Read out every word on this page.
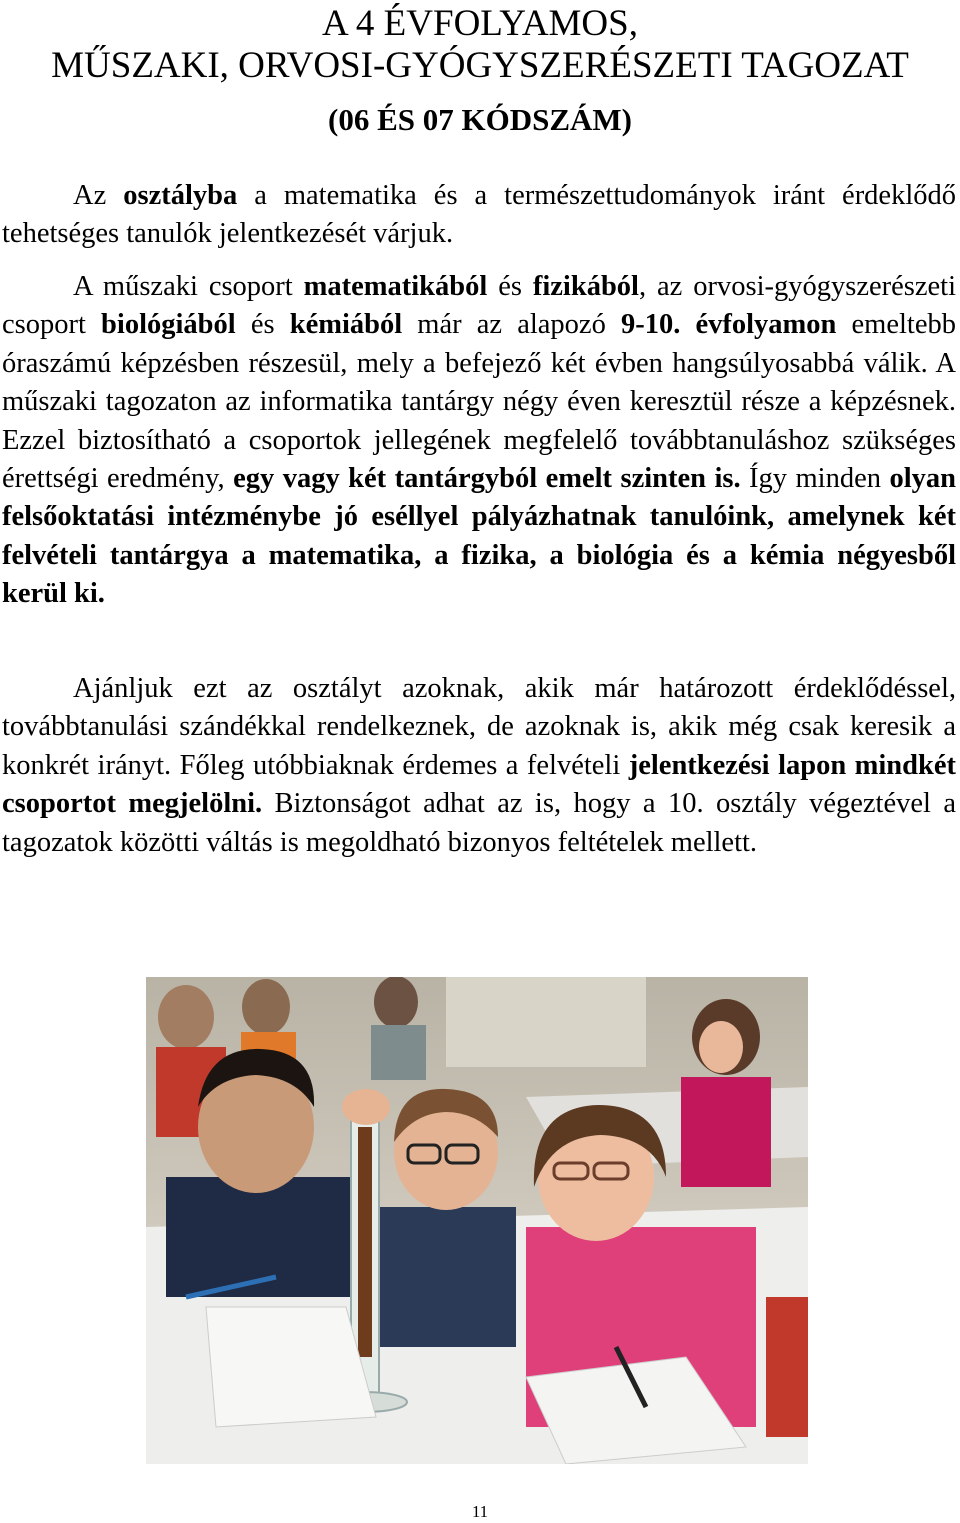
A 4 ÉVFOLYAMOS,
MŰSZAKI, ORVOSI-GYÓGYSZERÉSZETI TAGOZAT
(06 ÉS 07 KÓDSZÁM)

Az osztályba a matematika és a természettudományok iránt érdeklődő tehetséges tanulók jelentkezését várjuk.

A műszaki csoport matematikából és fizikából, az orvosi-gyógyszerészeti csoport biológiából és kémiából már az alapozó 9-10. évfolyamon emeltebb óraszámú képzésben részesül, mely a befejező két évben hangsúlyosabbá válik. A műszaki tagozaton az informatika tantárgy négy éven keresztül része a képzésnek. Ezzel biztosítható a csoportok jellegének megfelelő továbbtanuláshoz szükséges érettségi eredmény, egy vagy két tantárgyból emelt szinten is. Így minden olyan felsőoktatási intézménybe jó eséllyel pályázhatnak tanulóink, amelynek két felvételi tantárgya a matematika, a fizika, a biológia és a kémia négyesből kerül ki.

Ajánljuk ezt az osztályt azoknak, akik már határozott érdeklődéssel, továbbtanulási szándékkal rendelkeznek, de azoknak is, akik még csak keresik a konkrét irányt. Főleg utóbbiaknak érdemes a felvételi jelentkezési lapon mindkét csoportot megjelölni. Biztonságot adhat az is, hogy a 10. osztály végeztével a tagozatok közötti váltás is megoldható bizonyos feltételek mellett.

11
